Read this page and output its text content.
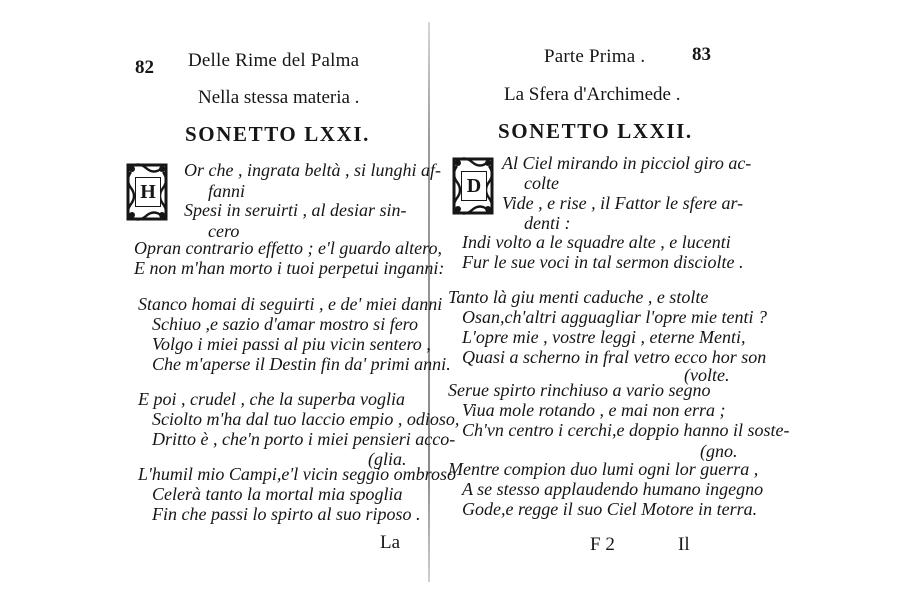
82 Delle Rime del Palma
Nella stessa materia .
SONETTO LXXI.
H
Or che , ingrata beltà , si lunghi af-
fanni
Spesi in seruirti , al desiar sin-
cero
Opran contrario effetto ; e'l guardo altero,
E non m'han morto i tuoi perpetui inganni:
Stanco homai di seguirti , e de' miei danni
Schiuo ,e sazio d'amar mostro si fero
Volgo i miei passi al piu vicin sentero ,
Che m'aperse il Destin fin da' primi anni.
E poi , crudel , che la superba voglia
Sciolto m'ha dal tuo laccio empio , odioso,
Dritto è , che'n porto i miei pensieri acco-
(glia.
L'humil mio Campi,e'l vicin seggio ombroso
Celerà tanto la mortal mia spoglia
Fin che passi lo spirto al suo riposo .
La
Parte Prima . 83
La Sfera d'Archimede .
SONETTO LXXII.
D
Al Ciel mirando in picciol giro ac-
colte
Vide , e rise , il Fattor le sfere ar-
denti :
Indi volto a le squadre alte , e lucenti
Fur le sue voci in tal sermon disciolte .
Tanto là giu menti caduche , e stolte
Osan,ch'altri agguagliar l'opre mie tenti ?
L'opre mie , vostre leggi , eterne Menti,
Quasi a scherno in fral vetro ecco hor son
(volte.
Serue spirto rinchiuso a vario segno
Viua mole rotando , e mai non erra ;
Ch'vn centro i cerchi,e doppio hanno il soste-
(gno.
Mentre compion duo lumi ogni lor guerra ,
A se stesso applaudendo humano ingegno
Gode,e regge il suo Ciel Motore in terra.
F 2	Il
